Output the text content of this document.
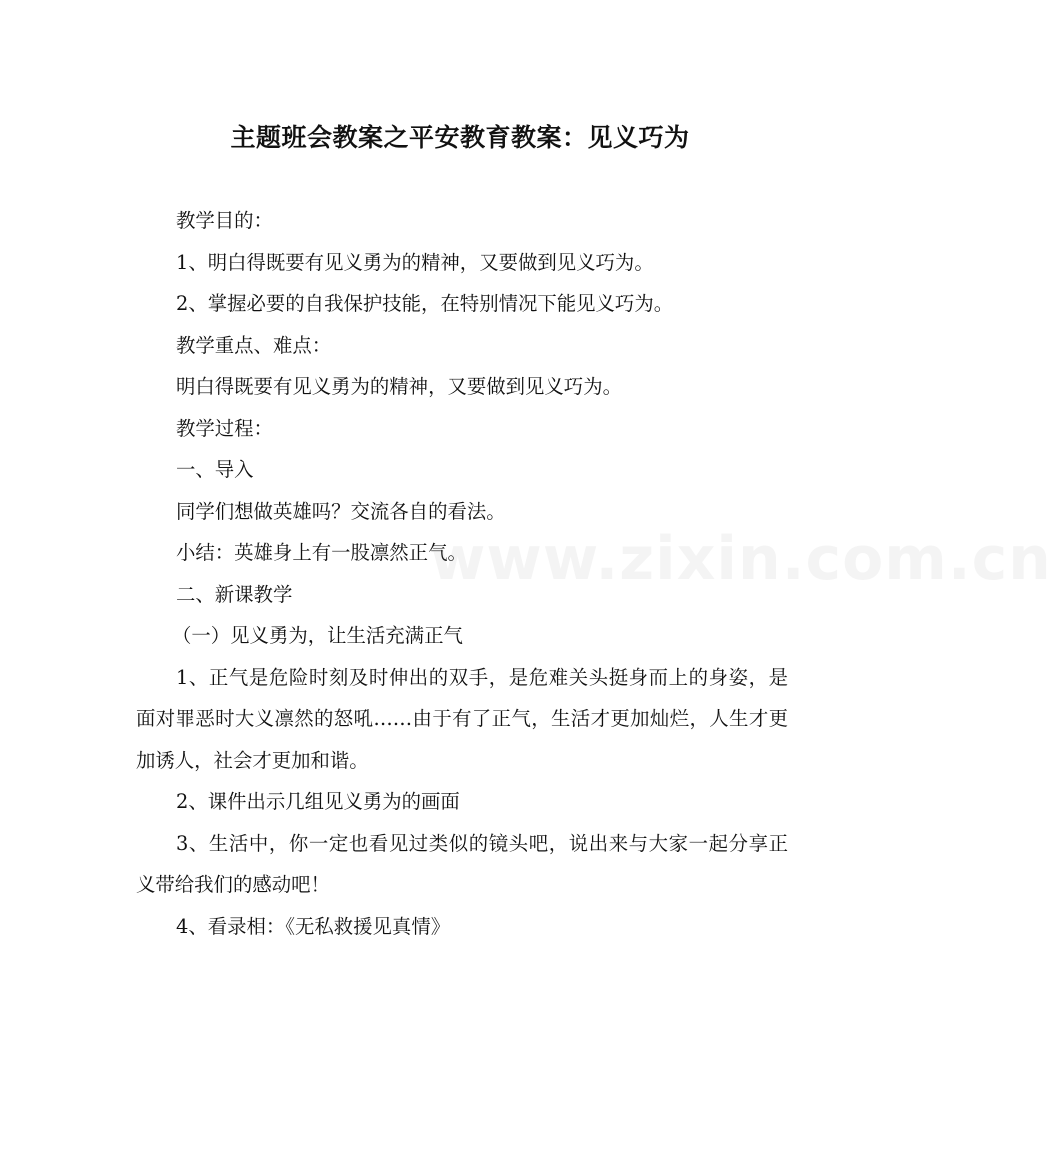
主题班会教案之平安教育教案：见义巧为

教学目的：

1、明白得既要有见义勇为的精神，又要做到见义巧为。

2、掌握必要的自我保护技能，在特别情况下能见义巧为。

教学重点、难点：

明白得既要有见义勇为的精神，又要做到见义巧为。

教学过程：

一、导入

同学们想做英雄吗？交流各自的看法。

小结：英雄身上有一股凛然正气。

二、新课教学

（一）见义勇为，让生活充满正气

1、正气是危险时刻及时伸出的双手，是危难关头挺身而上的身姿，是面对罪恶时大义凛然的怒吼……由于有了正气，生活才更加灿烂，人生才更加诱人，社会才更加和谐。

2、课件出示几组见义勇为的画面

3、生活中，你一定也看见过类似的镜头吧，说出来与大家一起分享正义带给我们的感动吧！

4、看录相：《无私救援见真情》

www.zixin.com.cn
